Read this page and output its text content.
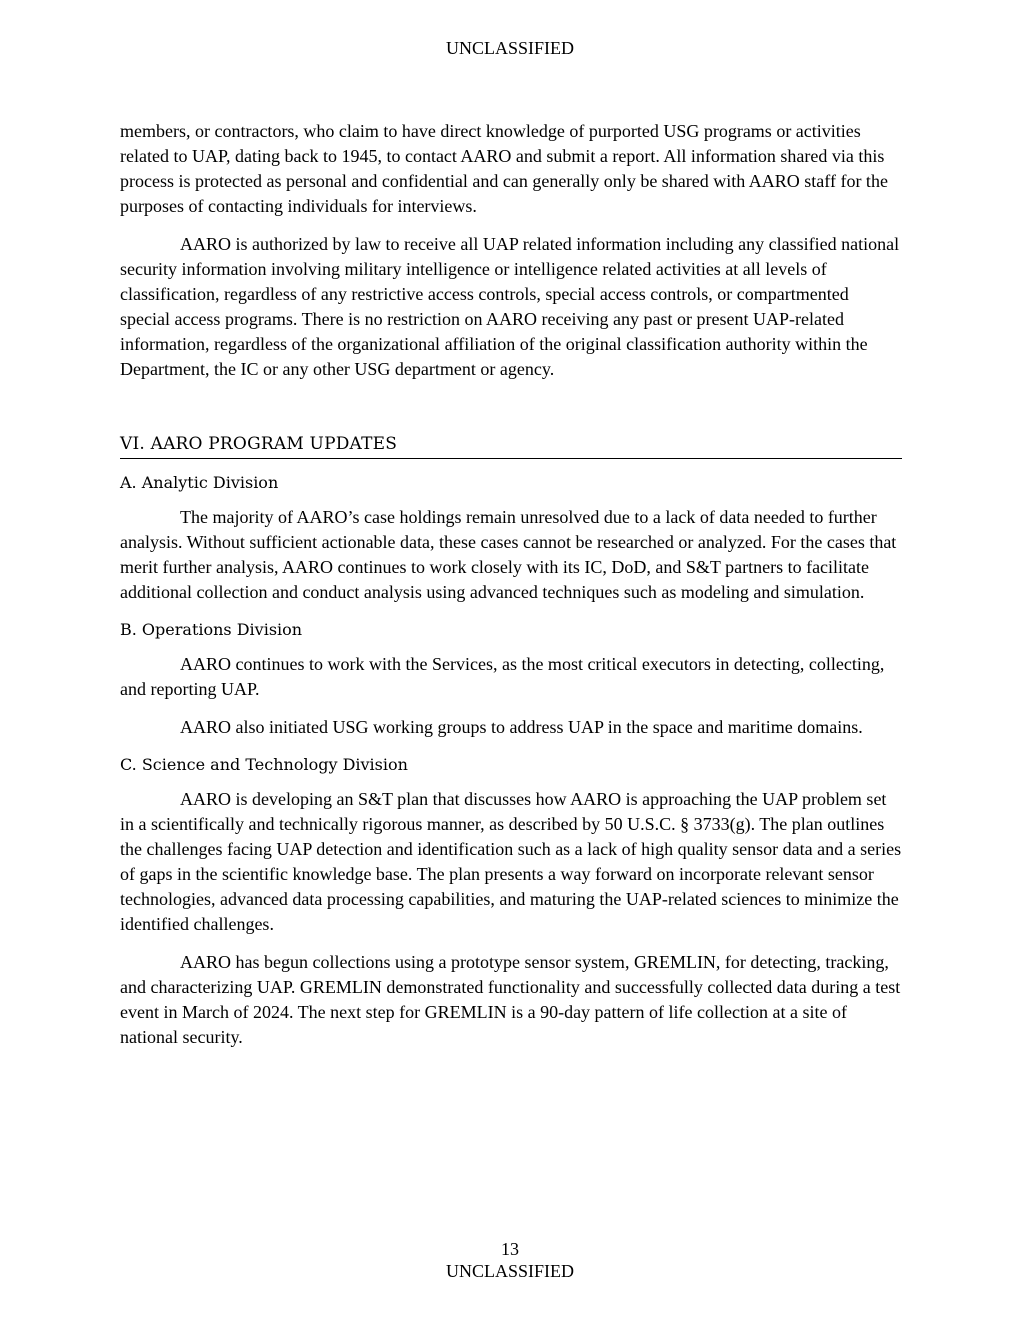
UNCLASSIFIED

members, or contractors, who claim to have direct knowledge of purported USG programs or activities related to UAP, dating back to 1945, to contact AARO and submit a report. All information shared via this process is protected as personal and confidential and can generally only be shared with AARO staff for the purposes of contacting individuals for interviews.

AARO is authorized by law to receive all UAP related information including any classified national security information involving military intelligence or intelligence related activities at all levels of classification, regardless of any restrictive access controls, special access controls, or compartmented special access programs. There is no restriction on AARO receiving any past or present UAP-related information, regardless of the organizational affiliation of the original classification authority within the Department, the IC or any other USG department or agency.

VI. AARO PROGRAM UPDATES
A. Analytic Division

The majority of AARO’s case holdings remain unresolved due to a lack of data needed to further analysis. Without sufficient actionable data, these cases cannot be researched or analyzed. For the cases that merit further analysis, AARO continues to work closely with its IC, DoD, and S&T partners to facilitate additional collection and conduct analysis using advanced techniques such as modeling and simulation.

B. Operations Division

AARO continues to work with the Services, as the most critical executors in detecting, collecting, and reporting UAP.

AARO also initiated USG working groups to address UAP in the space and maritime domains.

C. Science and Technology Division

AARO is developing an S&T plan that discusses how AARO is approaching the UAP problem set in a scientifically and technically rigorous manner, as described by 50 U.S.C. § 3733(g). The plan outlines the challenges facing UAP detection and identification such as a lack of high quality sensor data and a series of gaps in the scientific knowledge base. The plan presents a way forward on incorporate relevant sensor technologies, advanced data processing capabilities, and maturing the UAP-related sciences to minimize the identified challenges.

AARO has begun collections using a prototype sensor system, GREMLIN, for detecting, tracking, and characterizing UAP. GREMLIN demonstrated functionality and successfully collected data during a test event in March of 2024. The next step for GREMLIN is a 90-day pattern of life collection at a site of national security.

13
UNCLASSIFIED
